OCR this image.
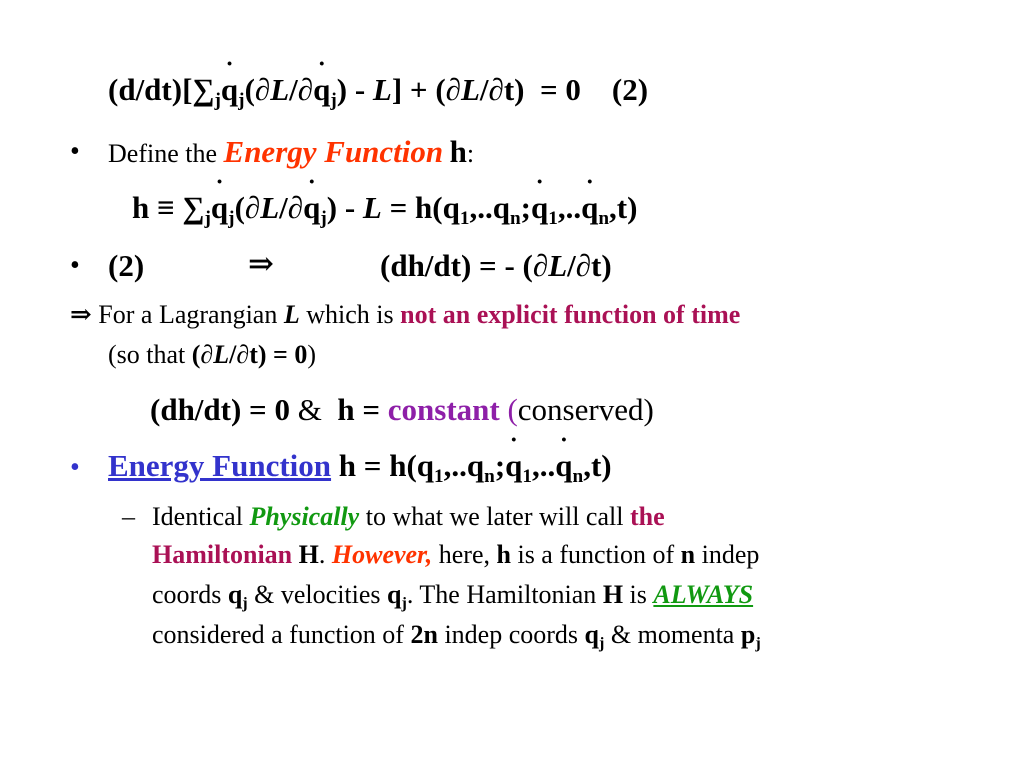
$(d/dt)[\sum_jq$ $˙_j(\partial L/\partial q$ $˙_j) - L] + (\partial L/\partial t) = 0$    (2)
• Define the Energy Function h:
$h \equiv \sum_jq$ $˙_j(\partial L/\partial q$ $˙_j$) - $L = h(q_1,..q_n;q$ $˙_1,..q$ $˙_n,t$)
• (2)	⇒	(dh/dt) = - (∂L/∂t)
⇒ For a Lagrangian L which is not an explicit function of time
(so that (∂L/∂t) = 0)
(dh/dt) = 0 &  h = constant (conserved)
• Energy Function $h = h(q_1,..q_n;q$ $˙_1,..q$ $˙_n,t$)
– Identical Physically to what we later will call the
Hamiltonian H. However, here, h is a function of n indep
coords $q_j$ & velocities $q_j$. The Hamiltonian H is ALWAYS
considered a function of 2n indep coords $q_j$ & momenta $p_j$
